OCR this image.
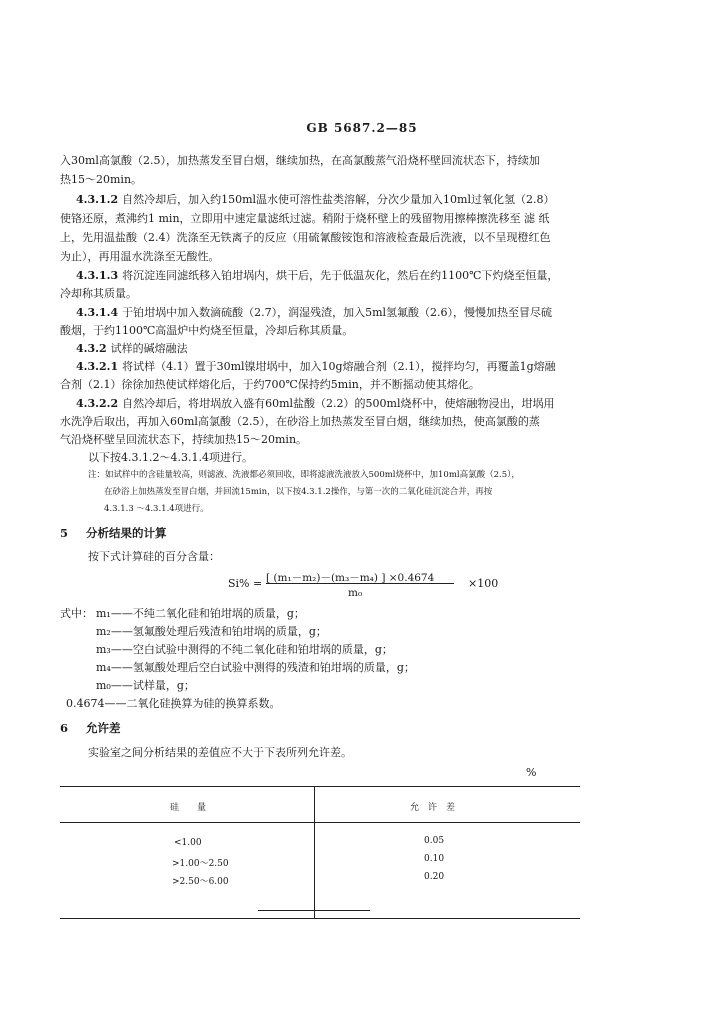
GB 5687.2—85
入30ml高氯酸（2.5），加热蒸发至冒白烟，继续加热，在高氯酸蒸气沿烧杯壁回流状态下，持续加
热15～20min。
4.3.1.2 自然冷却后，加入约150ml温水使可溶性盐类溶解，分次少量加入10ml过氧化氢（2.8）
使铬还原，煮沸约1 min，立即用中速定量滤纸过滤。稍附于烧杯壁上的残留物用擦棒擦洗移至 滤 纸
上，先用温盐酸（2.4）洗涤至无铁离子的反应（用硫氰酸铵饱和溶液检查最后洗液，以不呈现橙红色
为止），再用温水洗涤至无酸性。
4.3.1.3 将沉淀连同滤纸移入铂坩埚内，烘干后，先于低温灰化，然后在约1100℃下灼烧至恒量，
冷却称其质量。
4.3.1.4 于铂坩埚中加入数滴硫酸（2.7），润湿残渣，加入5ml氢氟酸（2.6），慢慢加热至冒尽硫
酸烟，于约1100℃高温炉中灼烧至恒量，冷却后称其质量。
4.3.2 试样的碱熔融法
4.3.2.1 将试样（4.1）置于30ml镍坩埚中，加入10g熔融合剂（2.1），搅拌均匀，再覆盖1g熔融
合剂（2.1）徐徐加热使试样熔化后，于约700℃保持约5min，并不断摇动使其熔化。
4.3.2.2 自然冷却后，将坩埚放入盛有60ml盐酸（2.2）的500ml烧杯中，使熔融物浸出，坩埚用
水洗净后取出，再加入60ml高氯酸（2.5），在砂浴上加热蒸发至冒白烟，继续加热，使高氯酸的蒸
气沿烧杯壁呈回流状态下，持续加热15～20min。
以下按4.3.1.2～4.3.1.4项进行。
注：如试样中的含硅量较高，则滤液、洗液都必须回收，即将滤液洗液放入500ml烧杯中，加10ml高氯酸（2.5），
在砂浴上加热蒸发至冒白烟，并回流15min，以下按4.3.1.2操作，与第一次的二氧化硅沉淀合并，再按
4.3.1.3 ～4.3.1.4项进行。
5 分析结果的计算
按下式计算硅的百分含量：
Si% = [ (m₁－m₂)－(m₃－m₄) ] ×0.4674
m₀
×100
式中： m₁——不纯二氧化硅和铂坩埚的质量，g；
m₂——氢氟酸处理后残渣和铂坩埚的质量，g；
m₃——空白试验中测得的不纯二氧化硅和铂坩埚的质量，g；
m₄——氢氟酸处理后空白试验中测得的残渣和铂坩埚的质量，g；
m₀——试样量，g；
0.4674——二氧化硅换算为硅的换算系数。
6 允许差
实验室之间分析结果的差值应不大于下表所列允许差。
%
硅　　量	允　许　差
<1.00	0.05
>1.00～2.50	0.10
>2.50～6.00	0.20
